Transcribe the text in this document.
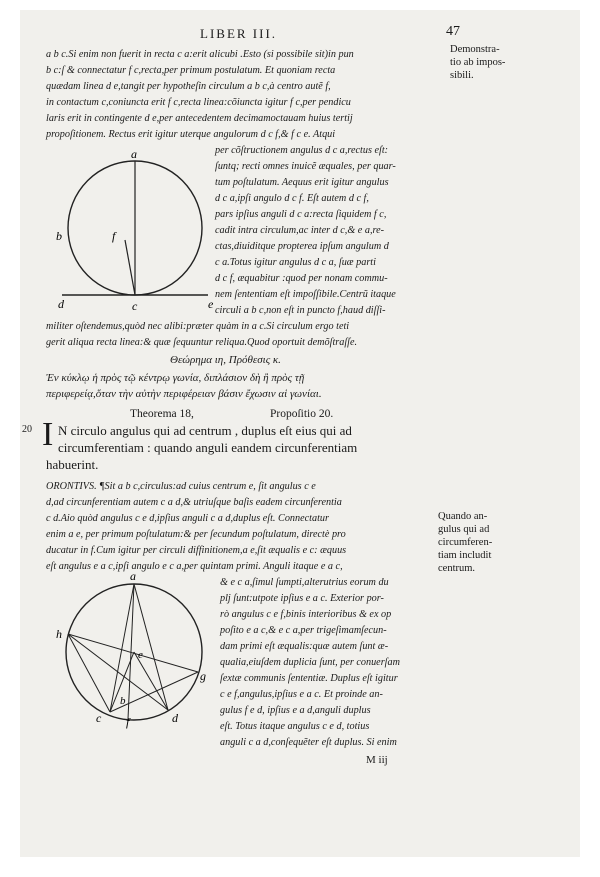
LIBER III.	47
Demonstra-
tio ab impos-
sibili.
a b c.Si enim non fuerit in recta c a:erit alicubi .Esto (si possibile sit)in pun
b c:ſ & connectatur f c,recta,per primum postulatum. Et quoniam recta
quædam linea d e,tangit per hypotheſin circulum a b c,à centro autẽ f,
in contactum c,coniuncta erit f c,recta linea:cõiuncta igitur f c,per pendicu
laris erit in contingente d e,per antecedentem decimamoctauam huius tertij
propoſitionem. Rectus erit igitur uterque angulorum d c f,& f c e. Atqui
a
b	f
d	c	e
per cõſtructionem angulus d c a,rectus eſt:
ſuntq; recti omnes inuicẽ æquales, per quar-
tum poſtulatum. Aequus erit igitur angulus
d c a,ipſi angulo d c f. Eſt autem d c f,
pars ipſius anguli d c a:recta ſiquidem f c,
cadit intra circulum,ac inter d c,& e a,re-
ctas,diuiditque propterea ipſum angulum d
c a.Totus igitur angulus d c a, ſuæ parti
d c f, æquabitur :quod per nonam commu-
nem ſententiam eſt impoſſibile.Centrũ itaque
circuli a b c,non eſt in puncto f,haud diſſi-
militer oſtendemus,quòd nec alibi:præter quàm in a c.Si circulum ergo teti
gerit aliqua recta linea:& quæ ſequuntur reliqua.Quod oportuit demõſtraſſe.
Θεώρημα ιη, Πρόθεσις κ.
Ἐν κύκλῳ ἡ πρὸς τῷ κέντρῳ γωνία, διπλάσιον δὴ ἢ πρὸς τῇ
περιφερείᾳ,ὅταν τὴν αὐτὴν περιφέρειαν βάσιν ἔχωσιν αἱ γωνίαι.
Theorema 18,	Propoſitio 20.
20 I N circulo angulus qui ad centrum , duplus eſt eius qui ad
circumferentiam : quando anguli eandem circunferentiam
habuerint.
Quando an-
gulus qui ad
circumferen-
tiam includit
centrum.
ORONTIVS. ¶Sit a b c,circulus:ad cuius centrum e, ſit angulus c e
d,ad circunferentiam autem c a d,& utriuſque baſis eadem circunferentia
c d.Aio quòd angulus c e d,ipſius anguli c a d,duplus eſt. Connectatur
enim a e, per primum poſtulatum:& per ſecundum poſtulatum, directè pro
ducatur in f.Cum igitur per circuli diffinitionem,a e,ſit æqualis e c: æquus
eſt angulus e a c,ipſi angulo e c a,per quintam primi. Anguli itaque e a c,
a
h
e
g
c f	d
b
& e c a,ſimul ſumpti,alterutrius eorum du
plj ſunt:utpote ipſius e a c. Exterior por-
rò angulus c e f,binis interioribus & ex op
poſito e a c,& e c a,per trigeſimamſecun-
dam primi eſt æqualis:quæ autem ſunt æ-
qualia,eiuſdem duplicia ſunt, per conuerſam
ſextæ communis ſententiæ. Duplus eſt igitur
c e f,angulus,ipſius e a c. Et proinde an-
gulus f e d, ipſius e a d,anguli duplus
eſt. Totus itaque angulus c e d, totius
anguli c a d,conſequẽter eſt duplus. Si enim
M iij
